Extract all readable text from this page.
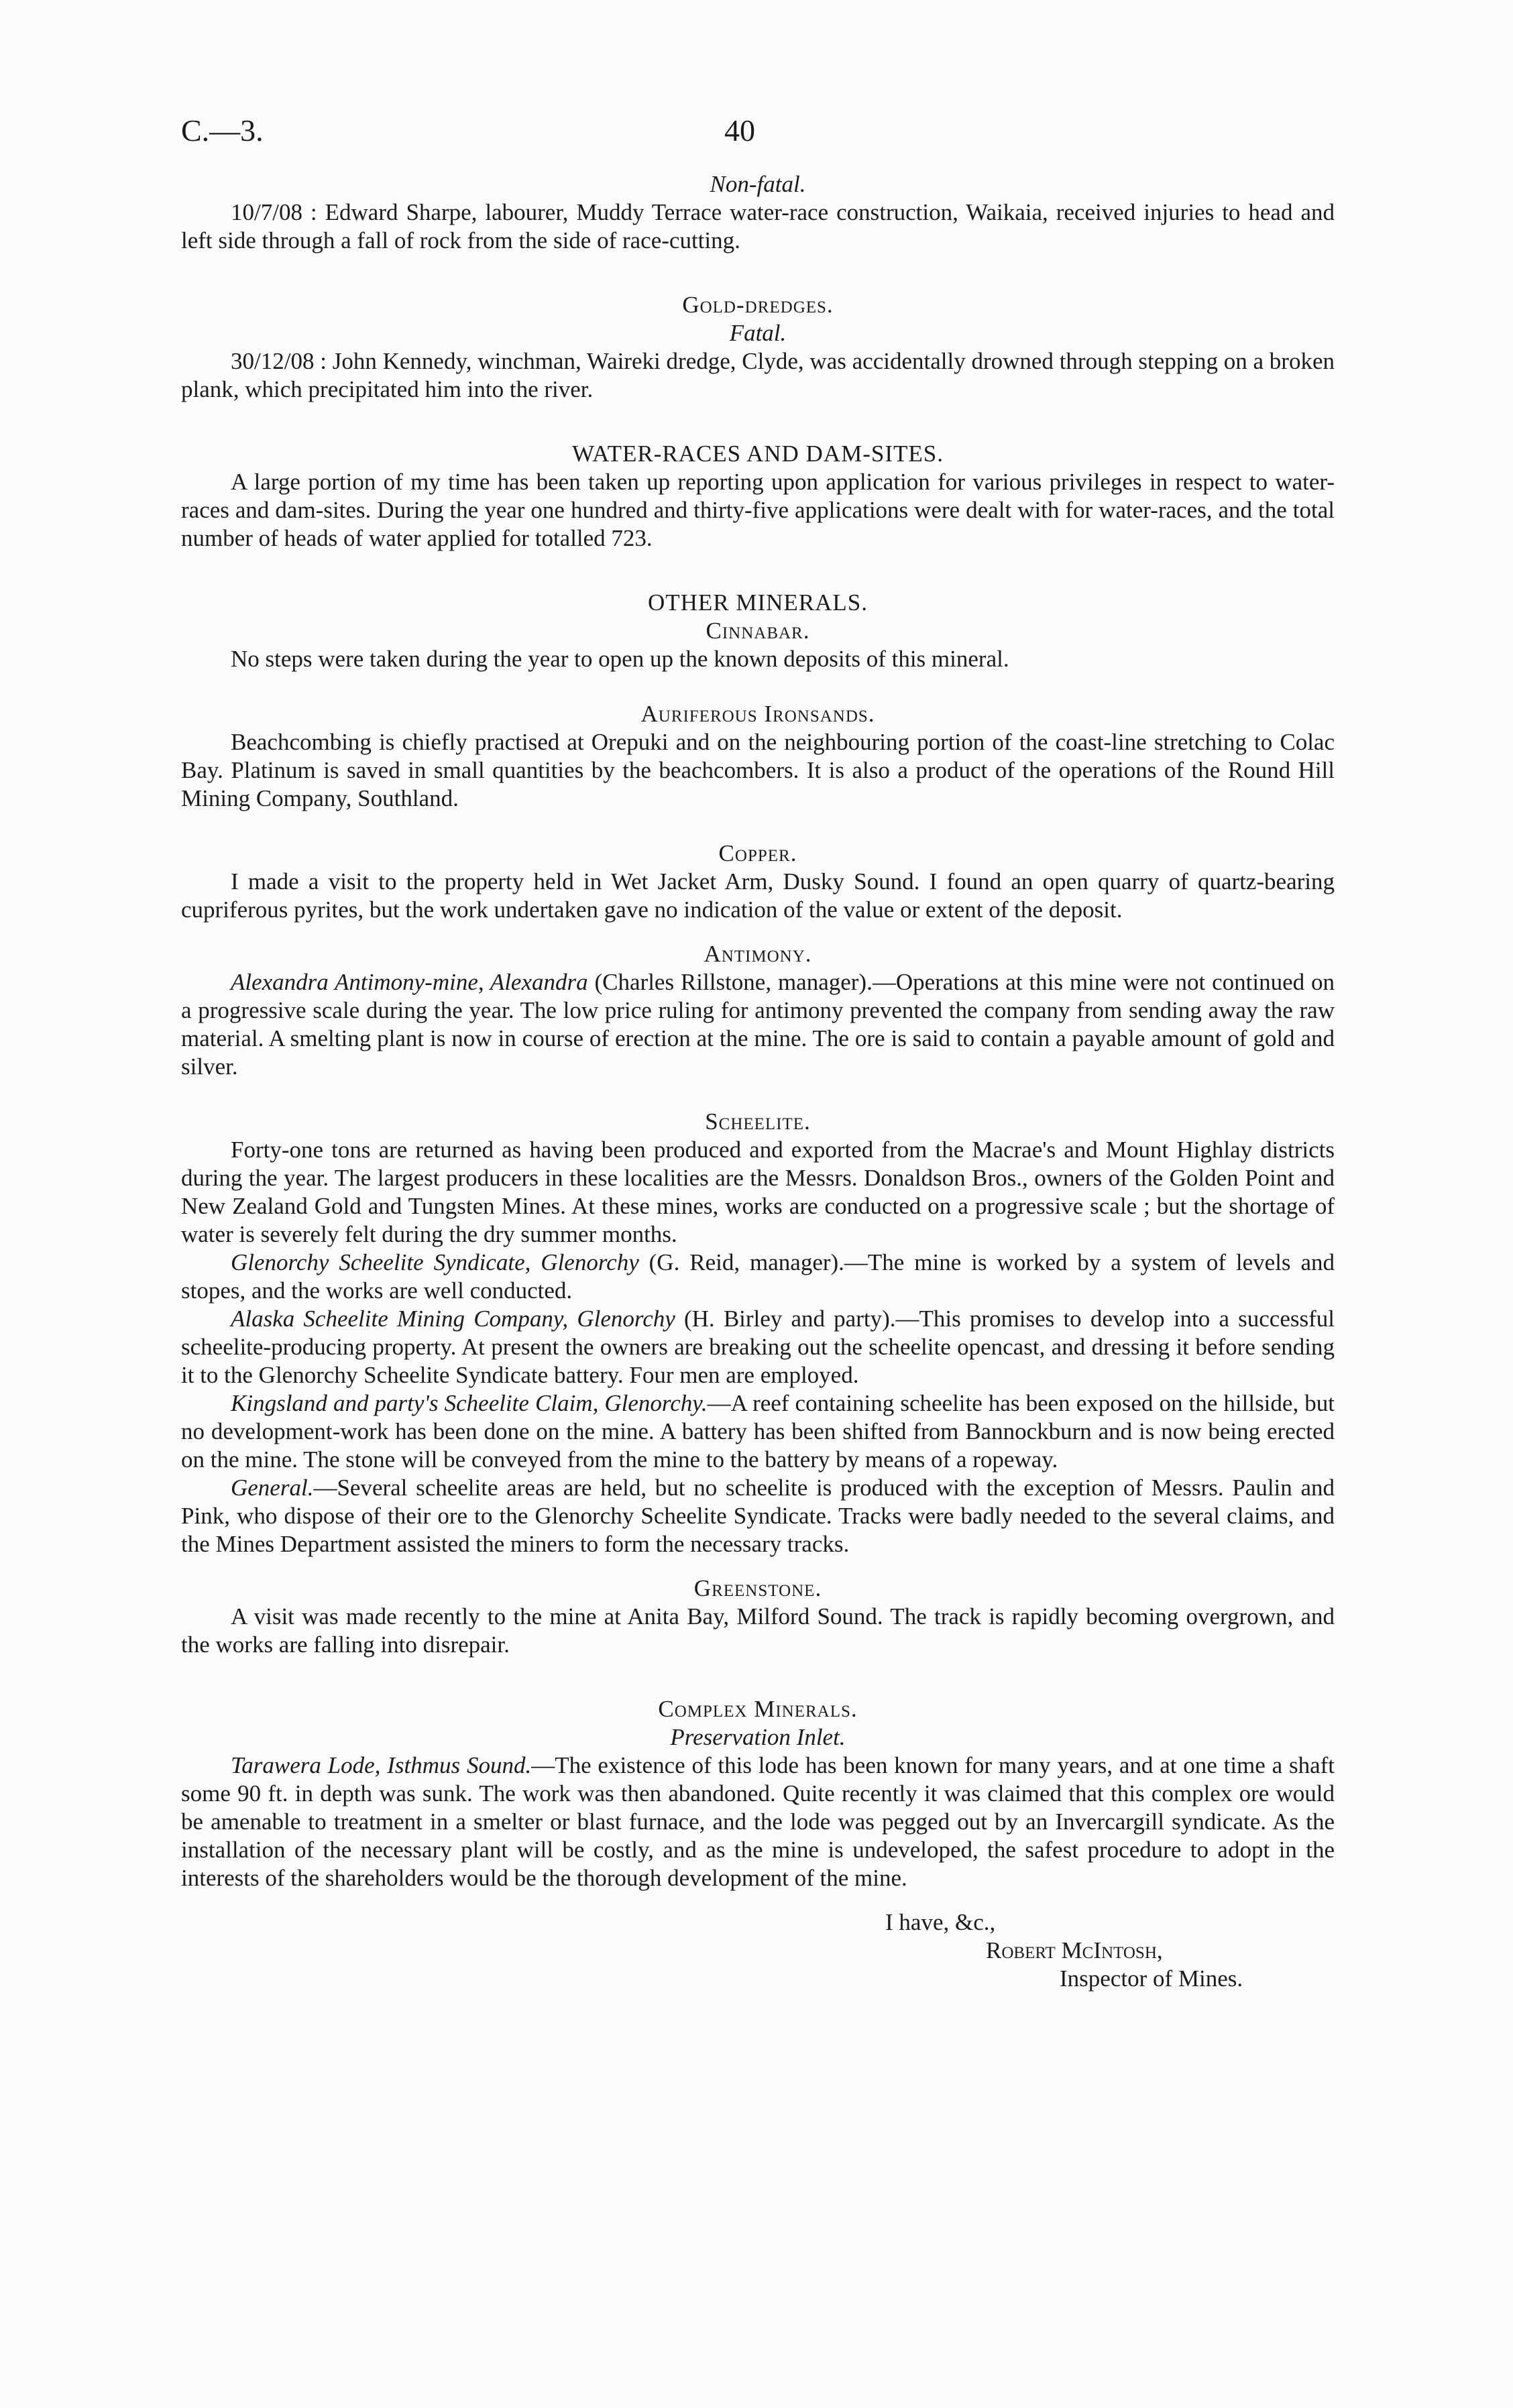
C.—3.	40
Non-fatal.

10/7/08 : Edward Sharpe, labourer, Muddy Terrace water-race construction, Waikaia, received injuries to head and left side through a fall of rock from the side of race-cutting.

Gold-dredges.
Fatal.

30/12/08 : John Kennedy, winchman, Waireki dredge, Clyde, was accidentally drowned through stepping on a broken plank, which precipitated him into the river.

WATER-RACES AND DAM-SITES.

A large portion of my time has been taken up reporting upon application for various privileges in respect to water-races and dam-sites. During the year one hundred and thirty-five applications were dealt with for water-races, and the total number of heads of water applied for totalled 723.

OTHER MINERALS.
Cinnabar.

No steps were taken during the year to open up the known deposits of this mineral.

Auriferous Ironsands.

Beachcombing is chiefly practised at Orepuki and on the neighbouring portion of the coast-line stretching to Colac Bay. Platinum is saved in small quantities by the beachcombers. It is also a product of the operations of the Round Hill Mining Company, Southland.

Copper.

I made a visit to the property held in Wet Jacket Arm, Dusky Sound. I found an open quarry of quartz-bearing cupriferous pyrites, but the work undertaken gave no indication of the value or extent of the deposit.

Antimony.

Alexandra Antimony-mine, Alexandra (Charles Rillstone, manager).—Operations at this mine were not continued on a progressive scale during the year. The low price ruling for antimony prevented the company from sending away the raw material. A smelting plant is now in course of erection at the mine. The ore is said to contain a payable amount of gold and silver.

Scheelite.

Forty-one tons are returned as having been produced and exported from the Macrae's and Mount Highlay districts during the year. The largest producers in these localities are the Messrs. Donaldson Bros., owners of the Golden Point and New Zealand Gold and Tungsten Mines. At these mines, works are conducted on a progressive scale ; but the shortage of water is severely felt during the dry summer months.

Glenorchy Scheelite Syndicate, Glenorchy (G. Reid, manager).—The mine is worked by a system of levels and stopes, and the works are well conducted.

Alaska Scheelite Mining Company, Glenorchy (H. Birley and party).—This promises to develop into a successful scheelite-producing property. At present the owners are breaking out the scheelite opencast, and dressing it before sending it to the Glenorchy Scheelite Syndicate battery. Four men are employed.

Kingsland and party's Scheelite Claim, Glenorchy.—A reef containing scheelite has been exposed on the hillside, but no development-work has been done on the mine. A battery has been shifted from Bannockburn and is now being erected on the mine. The stone will be conveyed from the mine to the battery by means of a ropeway.

General.—Several scheelite areas are held, but no scheelite is produced with the exception of Messrs. Paulin and Pink, who dispose of their ore to the Glenorchy Scheelite Syndicate. Tracks were badly needed to the several claims, and the Mines Department assisted the miners to form the necessary tracks.

Greenstone.

A visit was made recently to the mine at Anita Bay, Milford Sound. The track is rapidly becoming overgrown, and the works are falling into disrepair.

Complex Minerals.
Preservation Inlet.

Tarawera Lode, Isthmus Sound.—The existence of this lode has been known for many years, and at one time a shaft some 90 ft. in depth was sunk. The work was then abandoned. Quite recently it was claimed that this complex ore would be amenable to treatment in a smelter or blast furnace, and the lode was pegged out by an Invercargill syndicate. As the installation of the necessary plant will be costly, and as the mine is undeveloped, the safest procedure to adopt in the interests of the shareholders would be the thorough development of the mine.

I have, &c.,
Robert McIntosh,
Inspector of Mines.
